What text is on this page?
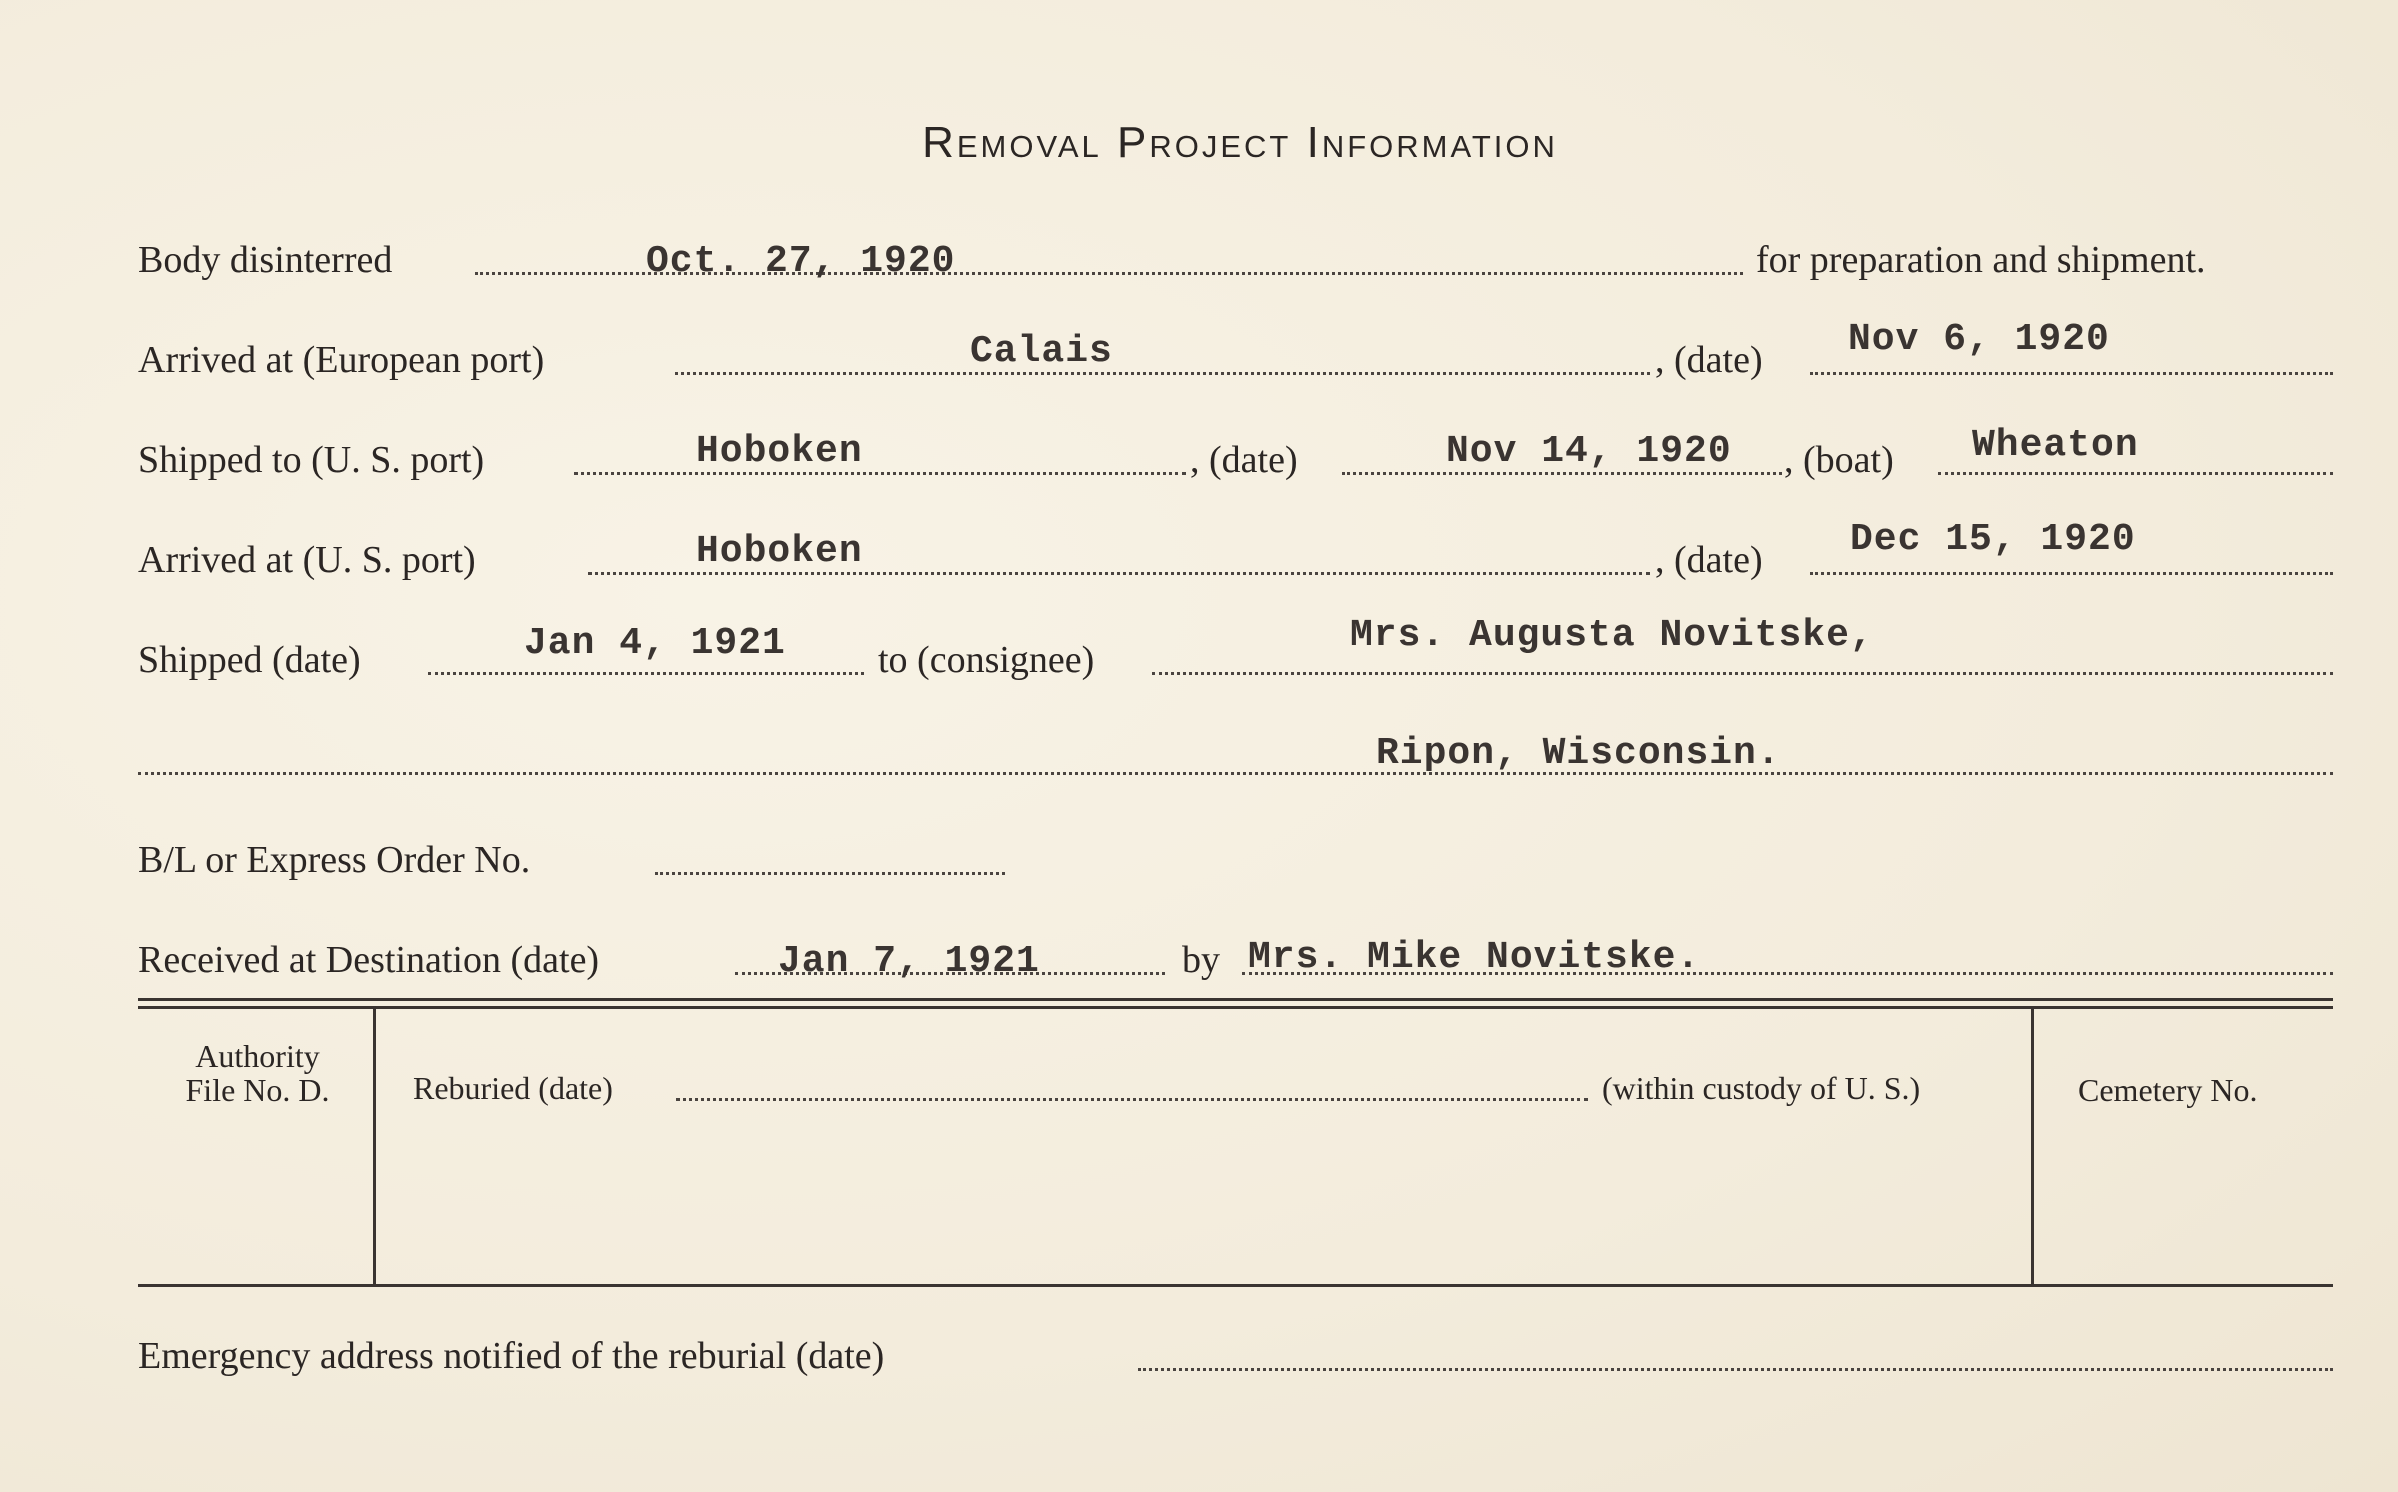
Removal Project Information
Body disinterred	Oct. 27, 1920	for preparation and shipment.
Arrived at (European port)	Calais	, (date) Nov 6, 1920
Shipped to (U. S. port)	Hoboken	, (date)	Nov 14, 1920 , (boat) Wheaton
Arrived at (U. S. port)	Hoboken	, (date) Dec 15, 1920
Shipped (date)	Jan 4, 1921 to (consignee)
Mrs. Augusta Novitske,
Ripon, Wisconsin.
B/L or Express Order No.
Received at Destination (date)	Jan 7, 1921	by Mrs. Mike Novitske.
Authority
File No. D.	Reburied (date)	(within custody of U. S.)	Cemetery No.
Emergency address notified of the reburial (date)
